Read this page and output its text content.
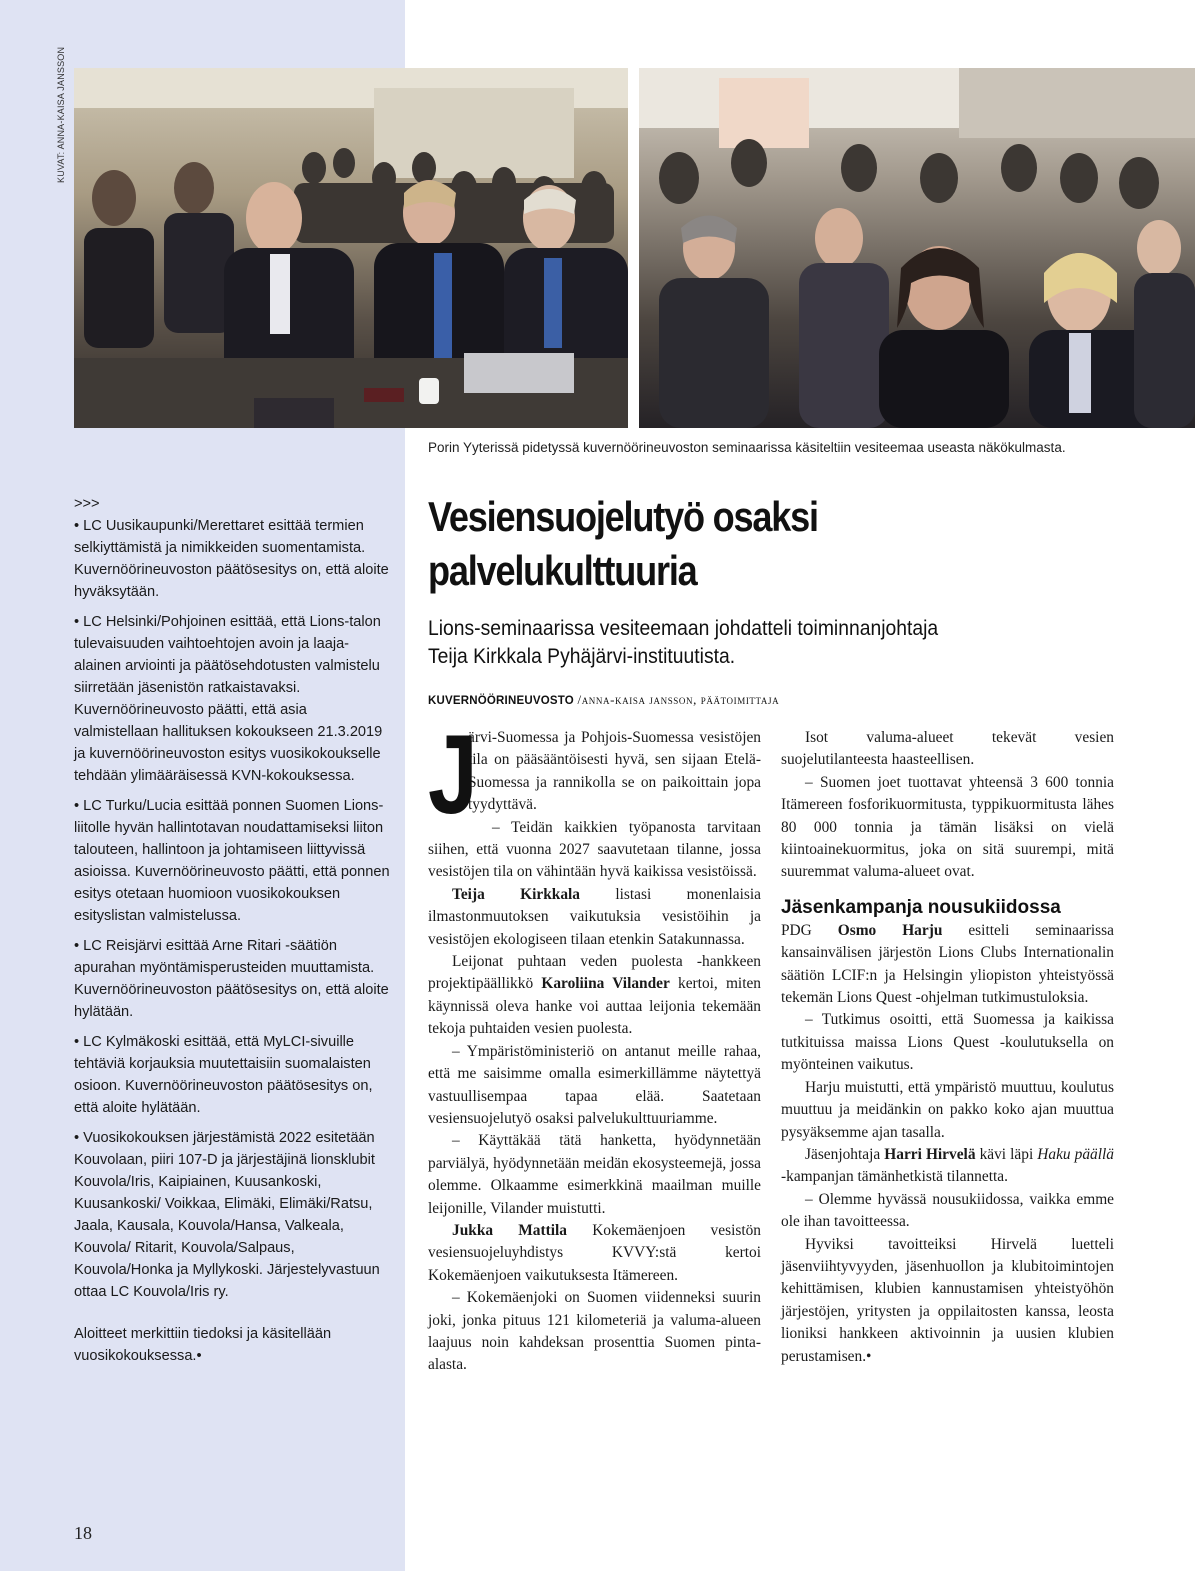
KUVAT: ANNA-KAISA JANSSON
Porin Yyterissä pidetyssä kuvernöörineuvoston seminaarissa käsiteltiin vesiteemaa useasta näkökulmasta.

>>>

• LC Uusikaupunki/Merettaret esittää termien selkiyttämistä ja nimikkeiden suomentamista. Kuvernöörineuvoston päätösesitys on, että aloite hyväksytään.

• LC Helsinki/Pohjoinen esittää, että Lions-talon tulevaisuuden vaihtoehtojen avoin ja laaja-alainen arviointi ja päätösehdotusten valmistelu siirretään jäsenistön ratkaistavaksi. Kuvernöörineuvosto päätti, että asia valmistellaan hallituksen kokoukseen 21.3.2019 ja kuvernöörineuvoston esitys vuosikokoukselle tehdään ylimääräisessä KVN-kokouksessa.

• LC Turku/Lucia esittää ponnen Suomen Lions-liitolle hyvän hallintotavan noudattamiseksi liiton talouteen, hallintoon ja johtamiseen liittyvissä asioissa. Kuvernöörineuvosto päätti, että ponnen esitys otetaan huomioon vuosikokouksen esityslistan valmistelussa.

• LC Reisjärvi esittää Arne Ritari -säätiön apurahan myöntämisperusteiden muuttamista. Kuvernöörineuvoston päätösesitys on, että aloite hylätään.

• LC Kylmäkoski esittää, että MyLCI-sivuille tehtäviä korjauksia muutettaisiin suomalaisten osioon. Kuvernöörineuvoston päätösesitys on, että aloite hylätään.

• Vuosikokouksen järjestämistä 2022 esitetään Kouvolaan, piiri 107-D ja järjestäjinä lionsklubit Kouvola/Iris, Kaipiainen, Kuusankoski, Kuusankoski/ Voikkaa, Elimäki, Elimäki/Ratsu, Jaala, Kausala, Kouvola/Hansa, Valkeala, Kouvola/ Ritarit, Kouvola/Salpaus, Kouvola/Honka ja Myllykoski. Järjestelyvastuun ottaa LC Kouvola/Iris ry.

Aloitteet merkittiin tiedoksi ja käsitellään vuosikokouksessa.•

18
Vesiensuojelutyö osaksi palvelukulttuuria

Lions-seminaarissa vesiteemaan johdatteli toiminnanjohtaja Teija Kirkkala Pyhäjärvi-instituutista.

KUVERNÖÖRINEUVOSTO /anna-kaisa jansson, päätoimittaja

J
ärvi-Suomessa ja Pohjois-Suomessa vesistöjen tila on pääsääntöisesti hyvä, sen sijaan Etelä-Suomessa ja rannikolla se on paikoittain jopa tyydyttävä.

– Teidän kaikkien työpanosta tarvitaan siihen, että vuonna 2027 saavutetaan tilanne, jossa vesistöjen tila on vähintään hyvä kaikissa vesistöissä.

Teija Kirkkala listasi monenlaisia ilmastonmuutoksen vaikutuksia vesistöihin ja vesistöjen ekologiseen tilaan etenkin Satakunnassa.

Leijonat puhtaan veden puolesta -hankkeen projektipäällikkö Karoliina Vilander kertoi, miten käynnissä oleva hanke voi auttaa leijonia tekemään tekoja puhtaiden vesien puolesta.

– Ympäristöministeriö on antanut meille rahaa, että me saisimme omalla esimerkillämme näytettyä vastuullisempaa tapaa elää. Saatetaan vesiensuojelutyö osaksi palvelukulttuuriamme.

– Käyttäkää tätä hanketta, hyödynnetään parviälyä, hyödynnetään meidän ekosysteemejä, jossa olemme. Olkaamme esimerkkinä maailman muille leijonille, Vilander muistutti.

Jukka Mattila Kokemäenjoen vesistön vesiensuojeluyhdistys KVVY:stä kertoi Kokemäenjoen vaikutuksesta Itämereen.

– Kokemäenjoki on Suomen viidenneksi suurin joki, jonka pituus 121 kilometeriä ja valuma-alueen laajuus noin kahdeksan prosenttia Suomen pinta-alasta.

Isot valuma-alueet tekevät vesien suojelutilanteesta haasteellisen.

– Suomen joet tuottavat yhteensä 3 600 tonnia Itämereen fosforikuormitusta, typpikuormitusta lähes 80 000 tonnia ja tämän lisäksi on vielä kiintoainekuormitus, joka on sitä suurempi, mitä suuremmat valuma-alueet ovat.

Jäsenkampanja nousukiidossa

PDG Osmo Harju esitteli seminaarissa kansainvälisen järjestön Lions Clubs Internationalin säätiön LCIF:n ja Helsingin yliopiston yhteistyössä tekemän Lions Quest -ohjelman tutkimustuloksia.

– Tutkimus osoitti, että Suomessa ja kaikissa tutkituissa maissa Lions Quest -koulutuksella on myönteinen vaikutus.

Harju muistutti, että ympäristö muuttuu, koulutus muuttuu ja meidänkin on pakko koko ajan muuttua pysyäksemme ajan tasalla.

Jäsenjohtaja Harri Hirvelä kävi läpi Haku päällä -kampanjan tämänhetkistä tilannetta.

– Olemme hyvässä nousukiidossa, vaikka emme ole ihan tavoitteessa.

Hyviksi tavoitteiksi Hirvelä luetteli jäsenviihtyvyyden, jäsenhuollon ja klubitoimintojen kehittämisen, klubien kannustamisen yhteistyöhön järjestöjen, yritysten ja oppilaitosten kanssa, leosta lioniksi hankkeen aktivoinnin ja uusien klubien perustamisen.•
